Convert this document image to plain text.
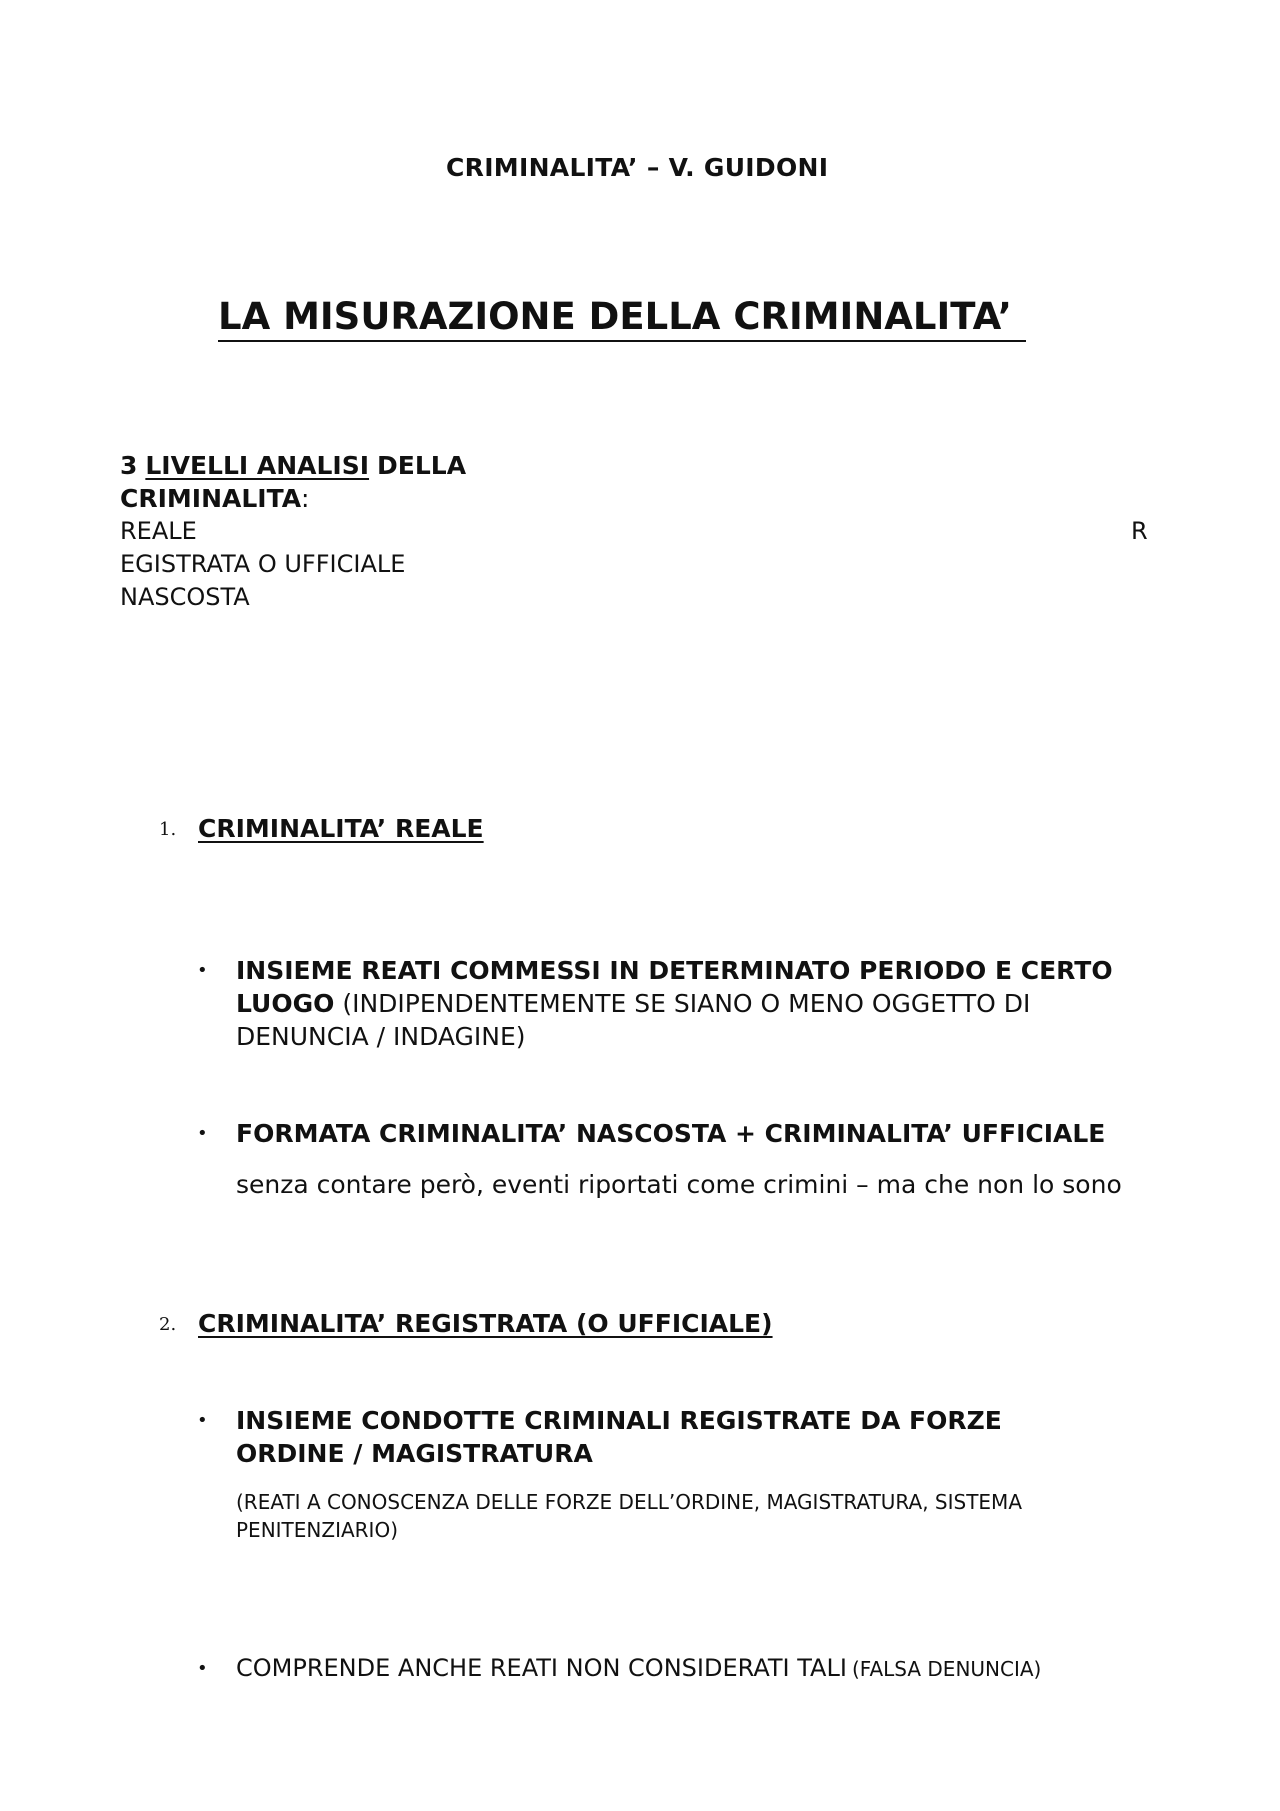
CRIMINALITA’ – V. GUIDONI
LA MISURAZIONE DELLA CRIMINALITA’
3 LIVELLI ANALISI DELLA
CRIMINALITA:
REALE	R
EGISTRATA O UFFICIALE
NASCOSTA
1. CRIMINALITA’ REALE
• INSIEME REATI COMMESSI IN DETERMINATO PERIODO E CERTO
LUOGO (INDIPENDENTEMENTE SE SIANO O MENO OGGETTO DI
DENUNCIA / INDAGINE)
• FORMATA CRIMINALITA’ NASCOSTA + CRIMINALITA’ UFFICIALE
senza contare però, eventi riportati come crimini – ma che non lo sono
2. CRIMINALITA’ REGISTRATA (O UFFICIALE)
• INSIEME CONDOTTE CRIMINALI REGISTRATE DA FORZE
ORDINE / MAGISTRATURA
(REATI A CONOSCENZA DELLE FORZE DELL’ORDINE, MAGISTRATURA, SISTEMA
PENITENZIARIO)
• COMPRENDE ANCHE REATI NON CONSIDERATI TALI (FALSA DENUNCIA)
